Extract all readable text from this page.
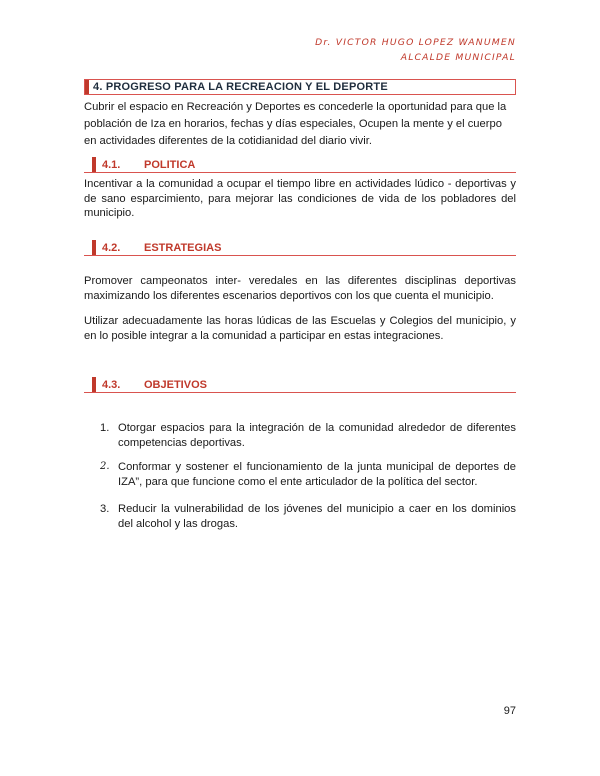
Dr. VICTOR HUGO LOPEZ WANUMEN
ALCALDE MUNICIPAL
4. PROGRESO PARA LA RECREACION Y EL DEPORTE

Cubrir el espacio en Recreación y Deportes es concederle la oportunidad para que la población de Iza en horarios, fechas y días especiales, Ocupen la mente y el cuerpo en actividades diferentes de la cotidianidad del diario vivir.

4.1.	POLITICA

Incentivar a la comunidad a ocupar el tiempo libre en actividades lúdico - deportivas y de sano esparcimiento, para mejorar las condiciones de vida de los pobladores del municipio.

4.2.	ESTRATEGIAS

Promover campeonatos inter- veredales en las diferentes disciplinas deportivas maximizando los diferentes escenarios deportivos con los que cuenta el municipio.

Utilizar adecuadamente las horas lúdicas de las Escuelas y Colegios del municipio, y en lo posible integrar a la comunidad a participar en estas integraciones.

4.3.	OBJETIVOS
1. Otorgar espacios para la integración de la comunidad alrededor de diferentes competencias deportivas.
2. Conformar y sostener el funcionamiento de la junta municipal de deportes de IZA”, para que funcione como el ente articulador de la política del sector.
3. Reducir la vulnerabilidad de los jóvenes del municipio a caer en los dominios del alcohol y las drogas.
97
